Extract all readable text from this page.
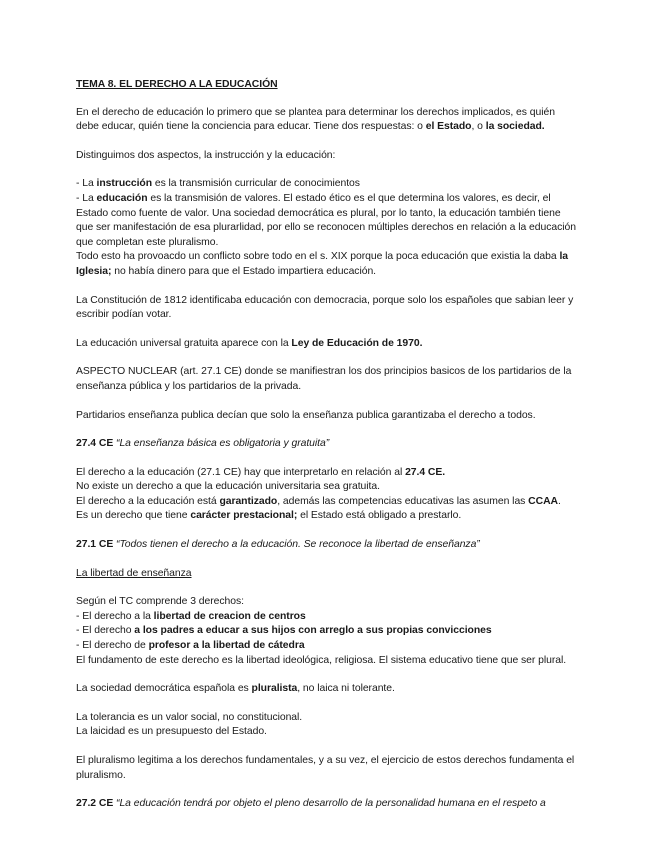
TEMA 8. EL DERECHO A LA EDUCACIÓN

En el derecho de educación lo primero que se plantea para determinar los derechos implicados, es quién debe educar, quién tiene la conciencia para educar. Tiene dos respuestas: o el Estado, o la sociedad.

Distinguimos dos aspectos, la instrucción y la educación:

- La instrucción es la transmisión curricular de conocimientos

- La educación es la transmisión de valores. El estado ético es el que determina los valores, es decir, el Estado como fuente de valor. Una sociedad democrática es plural, por lo tanto, la educación también tiene que ser manifestación de esa plurarlidad, por ello se reconocen múltiples derechos en relación a la educación que completan este pluralismo.

Todo esto ha provoacdo un conflicto sobre todo en el s. XIX porque la poca educación que existia la daba la Iglesia; no había dinero para que el Estado impartiera educación.

La Constitución de 1812 identificaba educación con democracia, porque solo los españoles que sabian leer y escribir podían votar.

La educación universal gratuita aparece con la Ley de Educación de 1970.

ASPECTO NUCLEAR (art. 27.1 CE) donde se manifiestran los dos principios basicos de los partidarios de la enseñanza pública y los partidarios de la privada.

Partidarios enseñanza publica decían que solo la enseñanza publica garantizaba el derecho a todos.

27.4 CE “La enseñanza básica es obligatoria y gratuita”

El derecho a la educación (27.1 CE) hay que interpretarlo en relación al 27.4 CE.

No existe un derecho a que la educación universitaria sea gratuita.

El derecho a la educación está garantizado, además las competencias educativas las asumen las CCAA.

Es un derecho que tiene carácter prestacional; el Estado está obligado a prestarlo.

27.1 CE “Todos tienen el derecho a la educación. Se reconoce la libertad de enseñanza”

La libertad de enseñanza

Según el TC comprende 3 derechos:

- El derecho a la libertad de creacion de centros

- El derecho a los padres a educar a sus hijos con arreglo a sus propias convicciones

- El derecho de profesor a la libertad de cátedra

El fundamento de este derecho es la libertad ideológica, religiosa. El sistema educativo tiene que ser plural.

La sociedad democrática española es pluralista, no laica ni tolerante.

La tolerancia es un valor social, no constitucional.

La laicidad es un presupuesto del Estado.

El pluralismo legitima a los derechos fundamentales, y a su vez, el ejercicio de estos derechos fundamenta el pluralismo.

27.2 CE “La educación tendrá por objeto el pleno desarrollo de la personalidad humana en el respeto a
